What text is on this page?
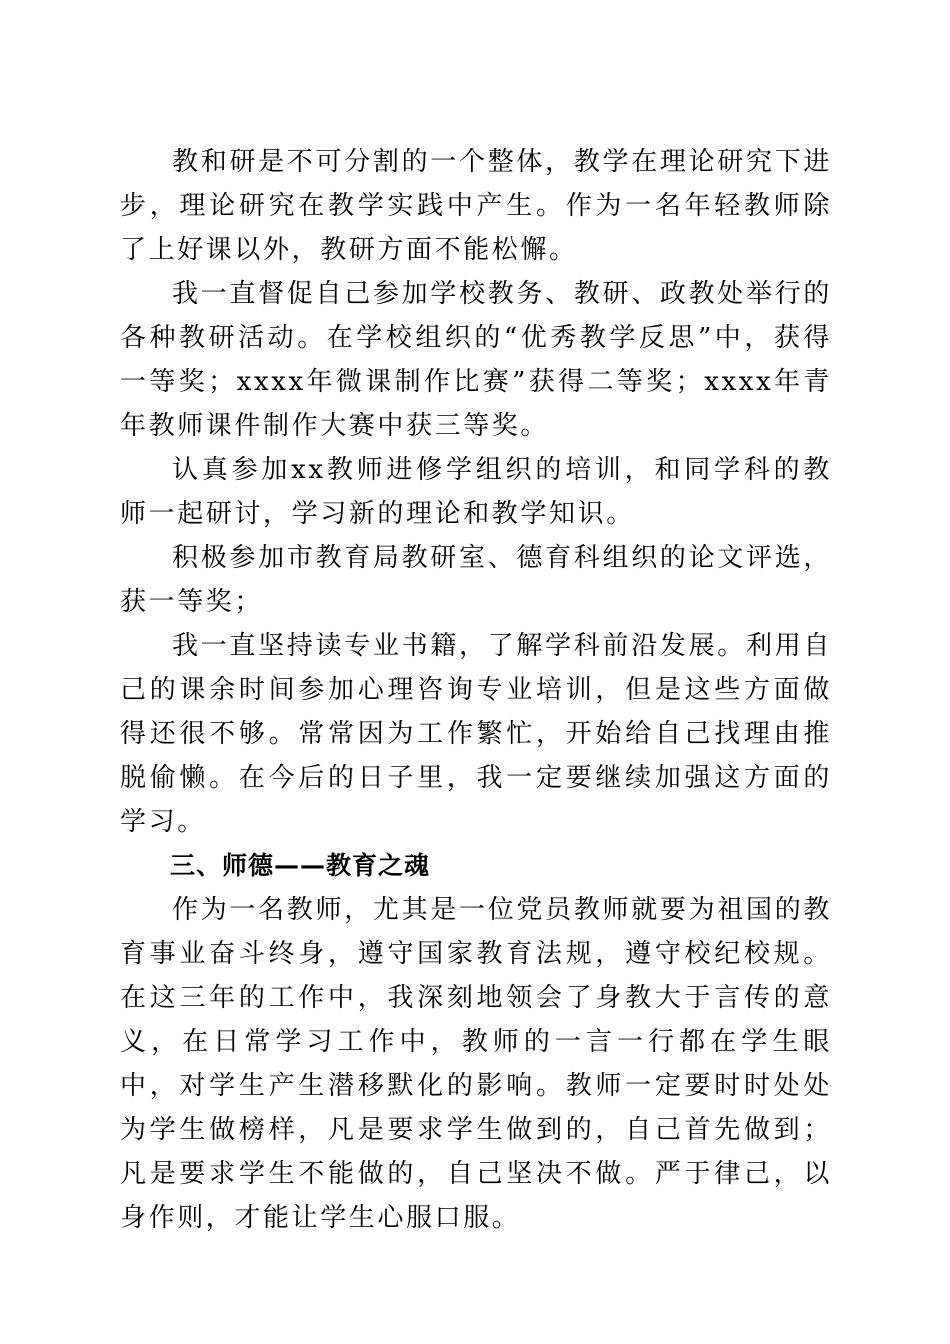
教和研是不可分割的一个整体，教学在理论研究下进步，理论研究在教学实践中产生。作为一名年轻教师除了上好课以外，教研方面不能松懈。

我一直督促自己参加学校教务、教研、政教处举行的各种教研活动。在学校组织的“优秀教学反思”中，获得一等奖；xxxx年微课制作比赛”获得二等奖；xxxx年青年教师课件制作大赛中获三等奖。

认真参加xx教师进修学组织的培训，和同学科的教师一起研讨，学习新的理论和教学知识。

积极参加市教育局教研室、德育科组织的论文评选，获一等奖；

我一直坚持读专业书籍，了解学科前沿发展。利用自己的课余时间参加心理咨询专业培训，但是这些方面做得还很不够。常常因为工作繁忙，开始给自己找理由推脱偷懒。在今后的日子里，我一定要继续加强这方面的学习。

三、师德——教育之魂

作为一名教师，尤其是一位党员教师就要为祖国的教育事业奋斗终身，遵守国家教育法规，遵守校纪校规。在这三年的工作中，我深刻地领会了身教大于言传的意义，在日常学习工作中，教师的一言一行都在学生眼中，对学生产生潜移默化的影响。教师一定要时时处处为学生做榜样，凡是要求学生做到的，自己首先做到；凡是要求学生不能做的，自己坚决不做。严于律己，以身作则，才能让学生心服口服。
